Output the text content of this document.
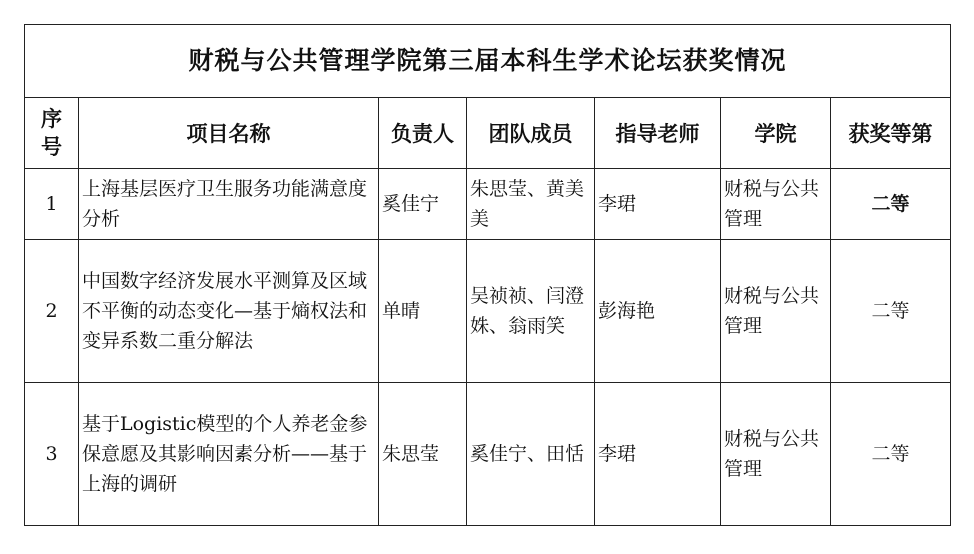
财税与公共管理学院第三届本科生学术论坛获奖情况						
序号	项目名称	负责人	团队成员	指导老师	学院	获奖等第
1	上海基层医疗卫生服务功能满意度分析	奚佳宁	朱思莹、黄美美	李珺	财税与公共管理	二等
2	中国数字经济发展水平测算及区域不平衡的动态变化—基于熵权法和变异系数二重分解法	单晴	吴祯祯、闫澄姝、翁雨笑	彭海艳	财税与公共管理	二等
3	基于Logistic模型的个人养老金参保意愿及其影响因素分析——基于上海的调研	朱思莹	奚佳宁、田恬	李珺	财税与公共管理	二等
